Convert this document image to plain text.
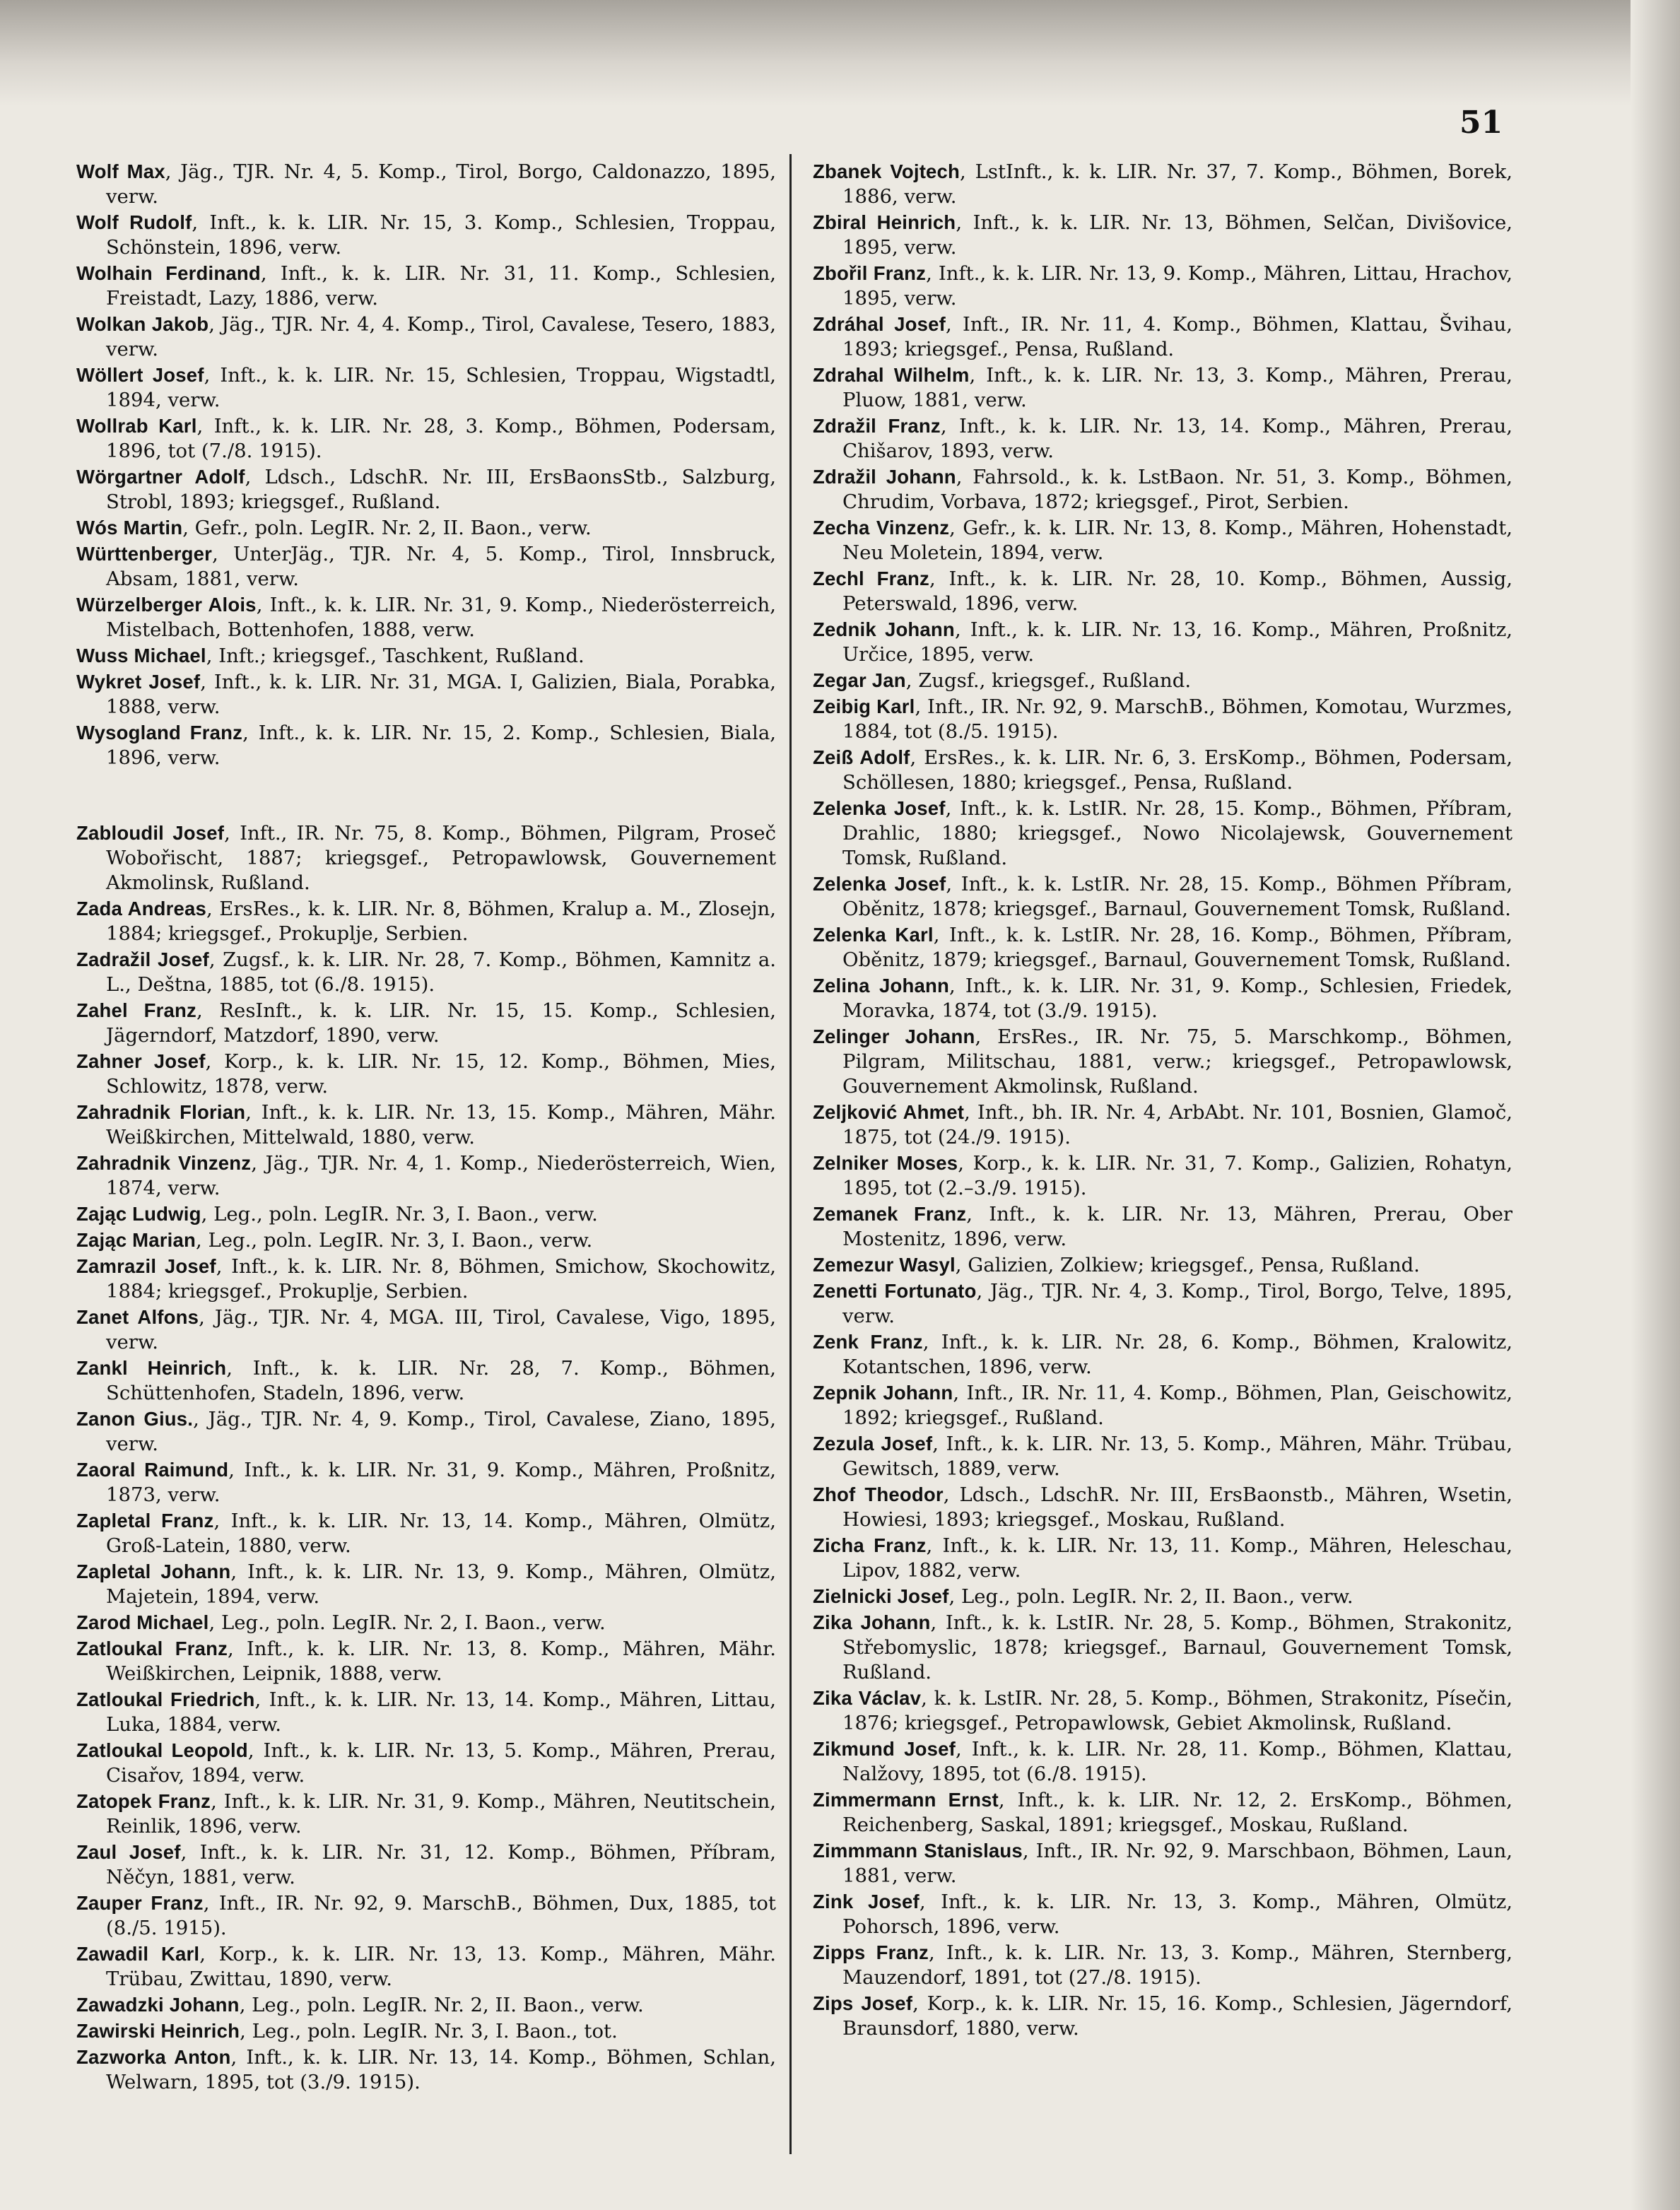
51
Wolf Max, Jäg., TJR. Nr. 4, 5. Komp., Tirol, Borgo, Caldonazzo, 1895, verw.
Wolf Rudolf, Inft., k. k. LIR. Nr. 15, 3. Komp., Schlesien, Troppau, Schönstein, 1896, verw.
Wolhain Ferdinand, Inft., k. k. LIR. Nr. 31, 11. Komp., Schlesien, Freistadt, Lazy, 1886, verw.
Wolkan Jakob, Jäg., TJR. Nr. 4, 4. Komp., Tirol, Cavalese, Tesero, 1883, verw.
Wöllert Josef, Inft., k. k. LIR. Nr. 15, Schlesien, Troppau, Wigstadtl, 1894, verw.
Wollrab Karl, Inft., k. k. LIR. Nr. 28, 3. Komp., Böhmen, Podersam, 1896, tot (7./8. 1915).
Wörgartner Adolf, Ldsch., LdschR. Nr. III, ErsBaonsStb., Salzburg, Strobl, 1893; kriegsgef., Rußland.
Wós Martin, Gefr., poln. LegIR. Nr. 2, II. Baon., verw.
Württenberger, UnterJäg., TJR. Nr. 4, 5. Komp., Tirol, Innsbruck, Absam, 1881, verw.
Würzelberger Alois, Inft., k. k. LIR. Nr. 31, 9. Komp., Niederösterreich, Mistelbach, Bottenhofen, 1888, verw.
Wuss Michael, Inft.; kriegsgef., Taschkent, Rußland.
Wykret Josef, Inft., k. k. LIR. Nr. 31, MGA. I, Galizien, Biala, Porabka, 1888, verw.
Wysogland Franz, Inft., k. k. LIR. Nr. 15, 2. Komp., Schlesien, Biala, 1896, verw.
Zabloudil Josef, Inft., IR. Nr. 75, 8. Komp., Böhmen, Pilgram, Proseč Wobořischt, 1887; kriegsgef., Petropawlowsk, Gouvernement Akmolinsk, Rußland.
Zada Andreas, ErsRes., k. k. LIR. Nr. 8, Böhmen, Kralup a. M., Zlosejn, 1884; kriegsgef., Prokuplje, Serbien.
Zadražil Josef, Zugsf., k. k. LIR. Nr. 28, 7. Komp., Böhmen, Kamnitz a. L., Deštna, 1885, tot (6./8. 1915).
Zahel Franz, ResInft., k. k. LIR. Nr. 15, 15. Komp., Schlesien, Jägerndorf, Matzdorf, 1890, verw.
Zahner Josef, Korp., k. k. LIR. Nr. 15, 12. Komp., Böhmen, Mies, Schlowitz, 1878, verw.
Zahradnik Florian, Inft., k. k. LIR. Nr. 13, 15. Komp., Mähren, Mähr. Weißkirchen, Mittelwald, 1880, verw.
Zahradnik Vinzenz, Jäg., TJR. Nr. 4, 1. Komp., Niederösterreich, Wien, 1874, verw.
Zając Ludwig, Leg., poln. LegIR. Nr. 3, I. Baon., verw.
Zając Marian, Leg., poln. LegIR. Nr. 3, I. Baon., verw.
Zamrazil Josef, Inft., k. k. LIR. Nr. 8, Böhmen, Smichow, Skochowitz, 1884; kriegsgef., Prokuplje, Serbien.
Zanet Alfons, Jäg., TJR. Nr. 4, MGA. III, Tirol, Cavalese, Vigo, 1895, verw.
Zankl Heinrich, Inft., k. k. LIR. Nr. 28, 7. Komp., Böhmen, Schüttenhofen, Stadeln, 1896, verw.
Zanon Gius., Jäg., TJR. Nr. 4, 9. Komp., Tirol, Cavalese, Ziano, 1895, verw.
Zaoral Raimund, Inft., k. k. LIR. Nr. 31, 9. Komp., Mähren, Proßnitz, 1873, verw.
Zapletal Franz, Inft., k. k. LIR. Nr. 13, 14. Komp., Mähren, Olmütz, Groß-Latein, 1880, verw.
Zapletal Johann, Inft., k. k. LIR. Nr. 13, 9. Komp., Mähren, Olmütz, Majetein, 1894, verw.
Zarod Michael, Leg., poln. LegIR. Nr. 2, I. Baon., verw.
Zatloukal Franz, Inft., k. k. LIR. Nr. 13, 8. Komp., Mähren, Mähr. Weißkirchen, Leipnik, 1888, verw.
Zatloukal Friedrich, Inft., k. k. LIR. Nr. 13, 14. Komp., Mähren, Littau, Luka, 1884, verw.
Zatloukal Leopold, Inft., k. k. LIR. Nr. 13, 5. Komp., Mähren, Prerau, Cisařov, 1894, verw.
Zatopek Franz, Inft., k. k. LIR. Nr. 31, 9. Komp., Mähren, Neutitschein, Reinlik, 1896, verw.
Zaul Josef, Inft., k. k. LIR. Nr. 31, 12. Komp., Böhmen, Příbram, Něčyn, 1881, verw.
Zauper Franz, Inft., IR. Nr. 92, 9. MarschB., Böhmen, Dux, 1885, tot (8./5. 1915).
Zawadil Karl, Korp., k. k. LIR. Nr. 13, 13. Komp., Mähren, Mähr. Trübau, Zwittau, 1890, verw.
Zawadzki Johann, Leg., poln. LegIR. Nr. 2, II. Baon., verw.
Zawirski Heinrich, Leg., poln. LegIR. Nr. 3, I. Baon., tot.
Zazworka Anton, Inft., k. k. LIR. Nr. 13, 14. Komp., Böhmen, Schlan, Welwarn, 1895, tot (3./9. 1915).
Zbanek Vojtech, LstInft., k. k. LIR. Nr. 37, 7. Komp., Böhmen, Borek, 1886, verw.
Zbiral Heinrich, Inft., k. k. LIR. Nr. 13, Böhmen, Selčan, Divišovice, 1895, verw.
Zbořil Franz, Inft., k. k. LIR. Nr. 13, 9. Komp., Mähren, Littau, Hrachov, 1895, verw.
Zdráhal Josef, Inft., IR. Nr. 11, 4. Komp., Böhmen, Klattau, Švihau, 1893; kriegsgef., Pensa, Rußland.
Zdrahal Wilhelm, Inft., k. k. LIR. Nr. 13, 3. Komp., Mähren, Prerau, Pluow, 1881, verw.
Zdražil Franz, Inft., k. k. LIR. Nr. 13, 14. Komp., Mähren, Prerau, Chišarov, 1893, verw.
Zdražil Johann, Fahrsold., k. k. LstBaon. Nr. 51, 3. Komp., Böhmen, Chrudim, Vorbava, 1872; kriegsgef., Pirot, Serbien.
Zecha Vinzenz, Gefr., k. k. LIR. Nr. 13, 8. Komp., Mähren, Hohenstadt, Neu Moletein, 1894, verw.
Zechl Franz, Inft., k. k. LIR. Nr. 28, 10. Komp., Böhmen, Aussig, Peterswald, 1896, verw.
Zednik Johann, Inft., k. k. LIR. Nr. 13, 16. Komp., Mähren, Proßnitz, Určice, 1895, verw.
Zegar Jan, Zugsf., kriegsgef., Rußland.
Zeibig Karl, Inft., IR. Nr. 92, 9. MarschB., Böhmen, Komotau, Wurzmes, 1884, tot (8./5. 1915).
Zeiß Adolf, ErsRes., k. k. LIR. Nr. 6, 3. ErsKomp., Böhmen, Podersam, Schöllesen, 1880; kriegsgef., Pensa, Rußland.
Zelenka Josef, Inft., k. k. LstIR. Nr. 28, 15. Komp., Böhmen, Příbram, Drahlic, 1880; kriegsgef., Nowo Nicolajewsk, Gouvernement Tomsk, Rußland.
Zelenka Josef, Inft., k. k. LstIR. Nr. 28, 15. Komp., Böhmen Příbram, Oběnitz, 1878; kriegsgef., Barnaul, Gouvernement Tomsk, Rußland.
Zelenka Karl, Inft., k. k. LstIR. Nr. 28, 16. Komp., Böhmen, Příbram, Oběnitz, 1879; kriegsgef., Barnaul, Gouvernement Tomsk, Rußland.
Zelina Johann, Inft., k. k. LIR. Nr. 31, 9. Komp., Schlesien, Friedek, Moravka, 1874, tot (3./9. 1915).
Zelinger Johann, ErsRes., IR. Nr. 75, 5. Marschkomp., Böhmen, Pilgram, Militschau, 1881, verw.; kriegsgef., Petropawlowsk, Gouvernement Akmolinsk, Rußland.
Zeljković Ahmet, Inft., bh. IR. Nr. 4, ArbAbt. Nr. 101, Bosnien, Glamoč, 1875, tot (24./9. 1915).
Zelniker Moses, Korp., k. k. LIR. Nr. 31, 7. Komp., Galizien, Rohatyn, 1895, tot (2.–3./9. 1915).
Zemanek Franz, Inft., k. k. LIR. Nr. 13, Mähren, Prerau, Ober Mostenitz, 1896, verw.
Zemezur Wasyl, Galizien, Zolkiew; kriegsgef., Pensa, Rußland.
Zenetti Fortunato, Jäg., TJR. Nr. 4, 3. Komp., Tirol, Borgo, Telve, 1895, verw.
Zenk Franz, Inft., k. k. LIR. Nr. 28, 6. Komp., Böhmen, Kralowitz, Kotantschen, 1896, verw.
Zepnik Johann, Inft., IR. Nr. 11, 4. Komp., Böhmen, Plan, Geischowitz, 1892; kriegsgef., Rußland.
Zezula Josef, Inft., k. k. LIR. Nr. 13, 5. Komp., Mähren, Mähr. Trübau, Gewitsch, 1889, verw.
Zhof Theodor, Ldsch., LdschR. Nr. III, ErsBaonstb., Mähren, Wsetin, Howiesi, 1893; kriegsgef., Moskau, Rußland.
Zicha Franz, Inft., k. k. LIR. Nr. 13, 11. Komp., Mähren, Heleschau, Lipov, 1882, verw.
Zielnicki Josef, Leg., poln. LegIR. Nr. 2, II. Baon., verw.
Zika Johann, Inft., k. k. LstIR. Nr. 28, 5. Komp., Böhmen, Strakonitz, Střebomyslic, 1878; kriegsgef., Barnaul, Gouvernement Tomsk, Rußland.
Zika Václav, k. k. LstIR. Nr. 28, 5. Komp., Böhmen, Strakonitz, Písečin, 1876; kriegsgef., Petropawlowsk, Gebiet Akmolinsk, Rußland.
Zikmund Josef, Inft., k. k. LIR. Nr. 28, 11. Komp., Böhmen, Klattau, Nalžovy, 1895, tot (6./8. 1915).
Zimmermann Ernst, Inft., k. k. LIR. Nr. 12, 2. ErsKomp., Böhmen, Reichenberg, Saskal, 1891; kriegsgef., Moskau, Rußland.
Zimmmann Stanislaus, Inft., IR. Nr. 92, 9. Marschbaon, Böhmen, Laun, 1881, verw.
Zink Josef, Inft., k. k. LIR. Nr. 13, 3. Komp., Mähren, Olmütz, Pohorsch, 1896, verw.
Zipps Franz, Inft., k. k. LIR. Nr. 13, 3. Komp., Mähren, Sternberg, Mauzendorf, 1891, tot (27./8. 1915).
Zips Josef, Korp., k. k. LIR. Nr. 15, 16. Komp., Schlesien, Jägerndorf, Braunsdorf, 1880, verw.
